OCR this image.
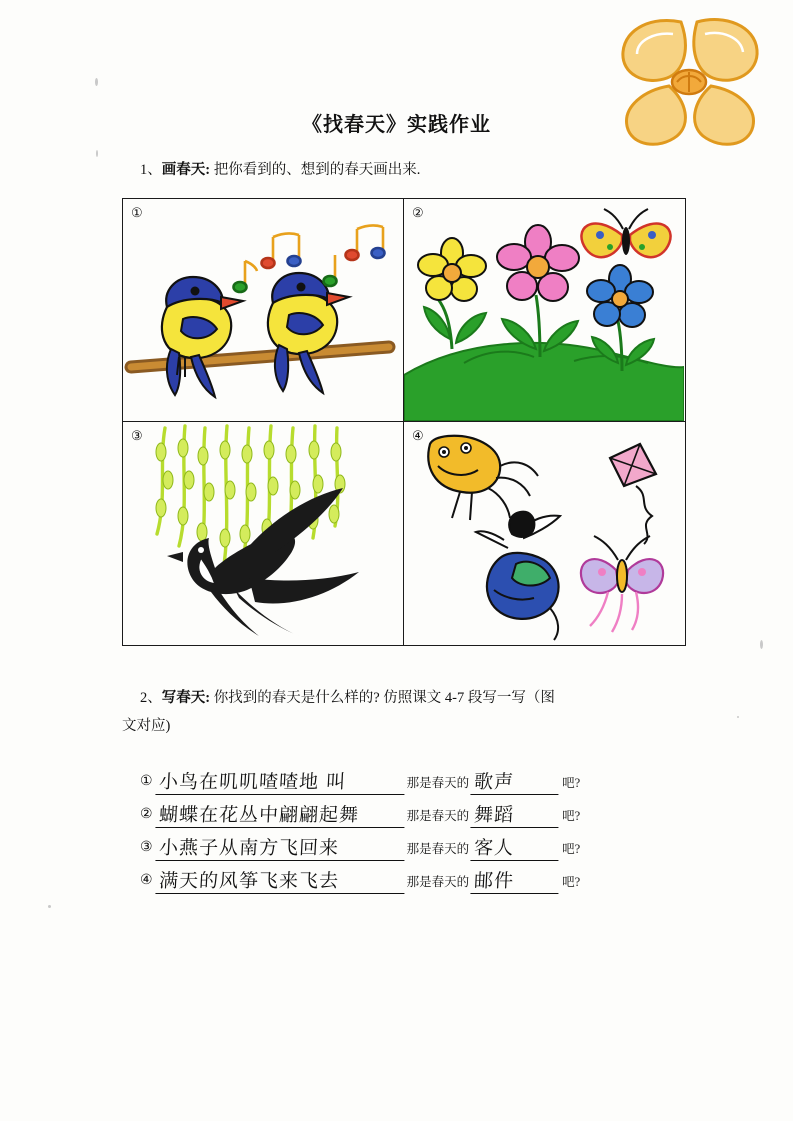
《找春天》实践作业
1、画春天: 把你看到的、想到的春天画出来.
①	②
③	④
2、写春天: 你找到的春天是什么样的? 仿照课文 4-7 段写一写（图
文对应)
① 小鸟在叽叽喳喳地 叫	那是春天的 歌声	吧?
② 蝴蝶在花丛中翩翩起舞	那是春天的 舞蹈	吧?
③ 小燕子从南方飞回来	那是春天的 客人	吧?
④ 满天的风筝飞来飞去	那是春天的 邮件	吧?
